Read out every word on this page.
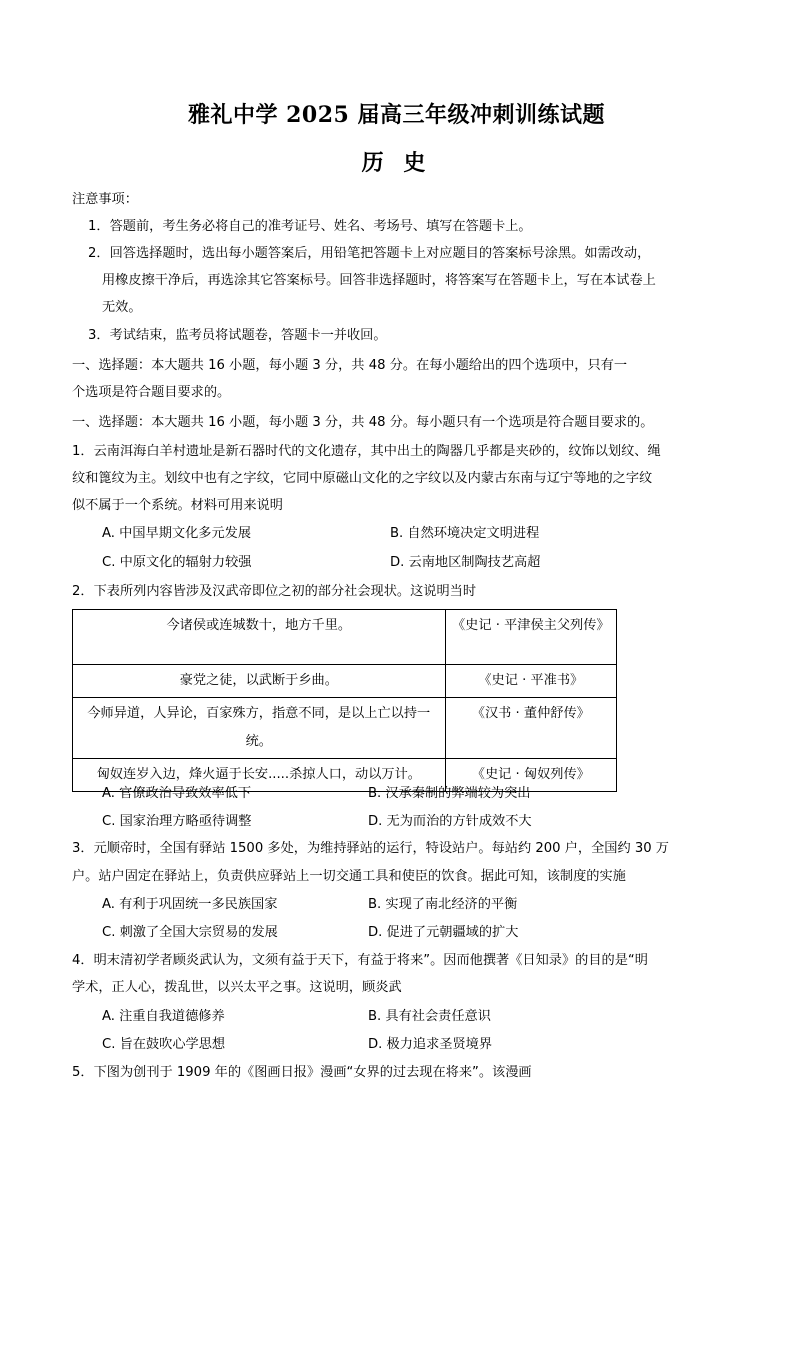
雅礼中学 2025 届高三年级冲刺训练试题
历 史
注意事项：
1．答题前，考生务必将自己的准考证号、姓名、考场号、填写在答题卡上。
2．回答选择题时，选出每小题答案后，用铅笔把答题卡上对应题目的答案标号涂黑。如需改动，
用橡皮擦干净后，再选涂其它答案标号。回答非选择题时，将答案写在答题卡上，写在本试卷上
无效。
3．考试结束，监考员将试题卷，答题卡一并收回。
一、选择题：本大题共 16 小题，每小题 3 分，共 48 分。在每小题给出的四个选项中，只有一
个选项是符合题目要求的。
一、选择题：本大题共 16 小题，每小题 3 分，共 48 分。每小题只有一个选项是符合题目要求的。
1．云南洱海白羊村遗址是新石器时代的文化遗存，其中出土的陶器几乎都是夹砂的，纹饰以划纹、绳
纹和篦纹为主。划纹中也有之字纹，它同中原磁山文化的之字纹以及内蒙古东南与辽宁等地的之字纹
似不属于一个系统。材料可用来说明
A. 中国早期文化多元发展	B. 自然环境决定文明进程
C. 中原文化的辐射力较强	D. 云南地区制陶技艺高超
2．下表所列内容皆涉及汉武帝即位之初的部分社会现状。这说明当时
今诸侯或连城数十，地方千里。	《史记 · 平津侯主父列传》
豪党之徒，以武断于乡曲。	《史记 · 平准书》
今师异道，人异论，百家殊方，指意不同，是以上亡以持一统。	《汉书 · 董仲舒传》
匈奴连岁入边，烽火逼于长安.....杀掠人口，动以万计。	《史记 · 匈奴列传》
A. 官僚政治导致效率低下	B. 汉承秦制的弊端较为突出
C. 国家治理方略亟待调整	D. 无为而治的方针成效不大
3．元顺帝时，全国有驿站 1500 多处，为维持驿站的运行，特设站户。每站约 200 户，全国约 30 万
户。站户固定在驿站上，负责供应驿站上一切交通工具和使臣的饮食。据此可知，该制度的实施
A. 有利于巩固统一多民族国家	B. 实现了南北经济的平衡
C. 刺激了全国大宗贸易的发展	D. 促进了元朝疆域的扩大
4．明末清初学者顾炎武认为，文须有益于天下，有益于将来”。因而他撰著《日知录》的目的是“明
学术，正人心，拨乱世，以兴太平之事。这说明，顾炎武
A. 注重自我道德修养	B. 具有社会责任意识
C. 旨在鼓吹心学思想	D. 极力追求圣贤境界
5．下图为创刊于 1909 年的《图画日报》漫画“女界的过去现在将来”。该漫画
